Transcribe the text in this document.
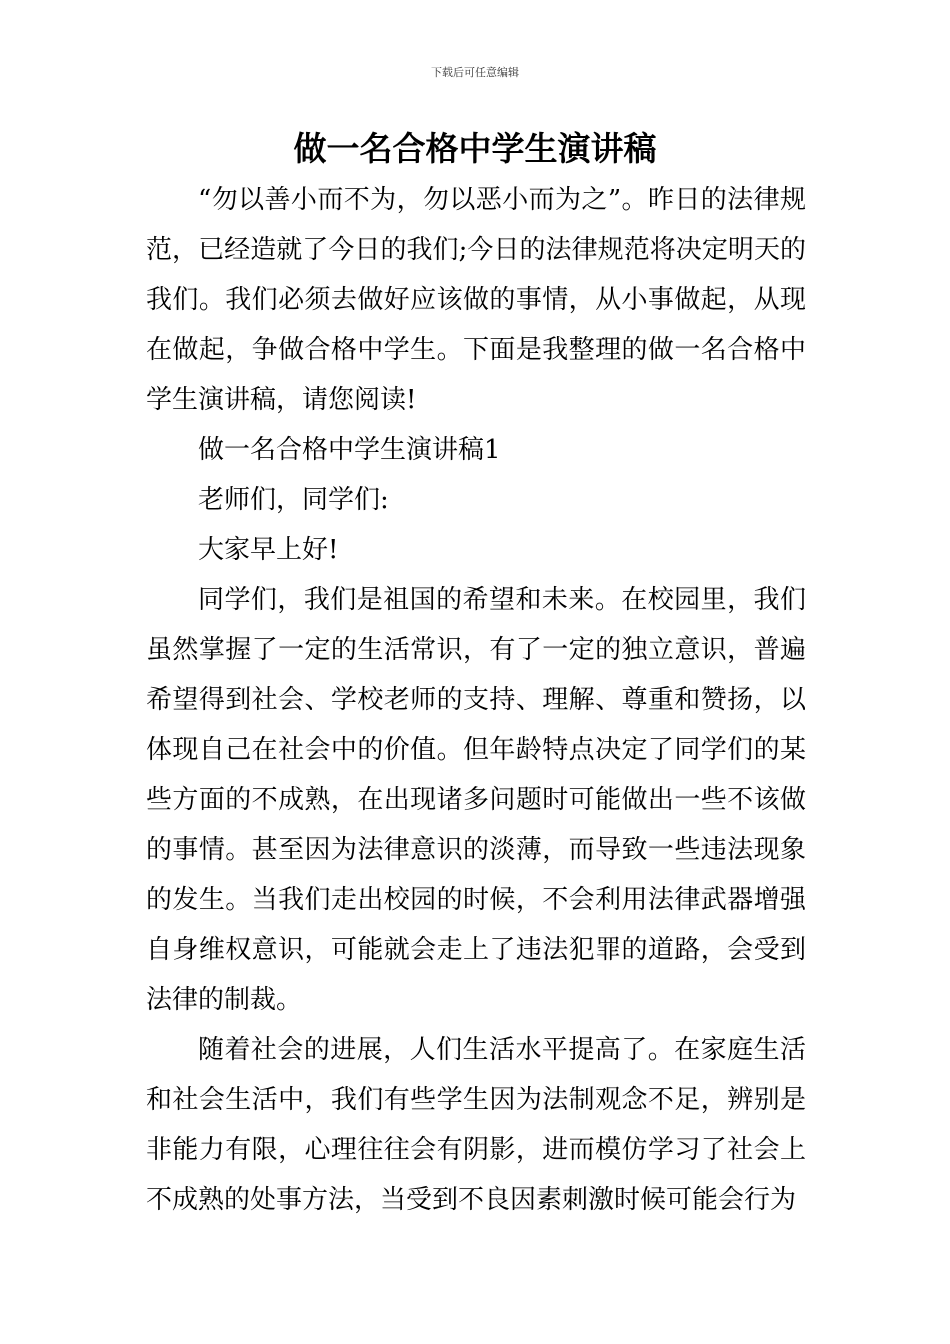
下载后可任意编辑
做一名合格中学生演讲稿

“勿以善小而不为，勿以恶小而为之”。昨日的法律规范，已经造就了今日的我们;今日的法律规范将决定明天的我们。我们必须去做好应该做的事情，从小事做起，从现在做起，争做合格中学生。下面是我整理的做一名合格中学生演讲稿，请您阅读!

做一名合格中学生演讲稿1

老师们，同学们:

大家早上好!

同学们，我们是祖国的希望和未来。在校园里，我们虽然掌握了一定的生活常识，有了一定的独立意识，普遍希望得到社会、学校老师的支持、理解、尊重和赞扬，以体现自己在社会中的价值。但年龄特点决定了同学们的某些方面的不成熟，在出现诸多问题时可能做出一些不该做的事情。甚至因为法律意识的淡薄，而导致一些违法现象的发生。当我们走出校园的时候，不会利用法律武器增强自身维权意识，可能就会走上了违法犯罪的道路，会受到法律的制裁。

随着社会的进展，人们生活水平提高了。在家庭生活和社会生活中，我们有些学生因为法制观念不足，辨别是非能力有限，心理往往会有阴影，进而模仿学习了社会上不成熟的处事方法，当受到不良因素刺激时候可能会行为
